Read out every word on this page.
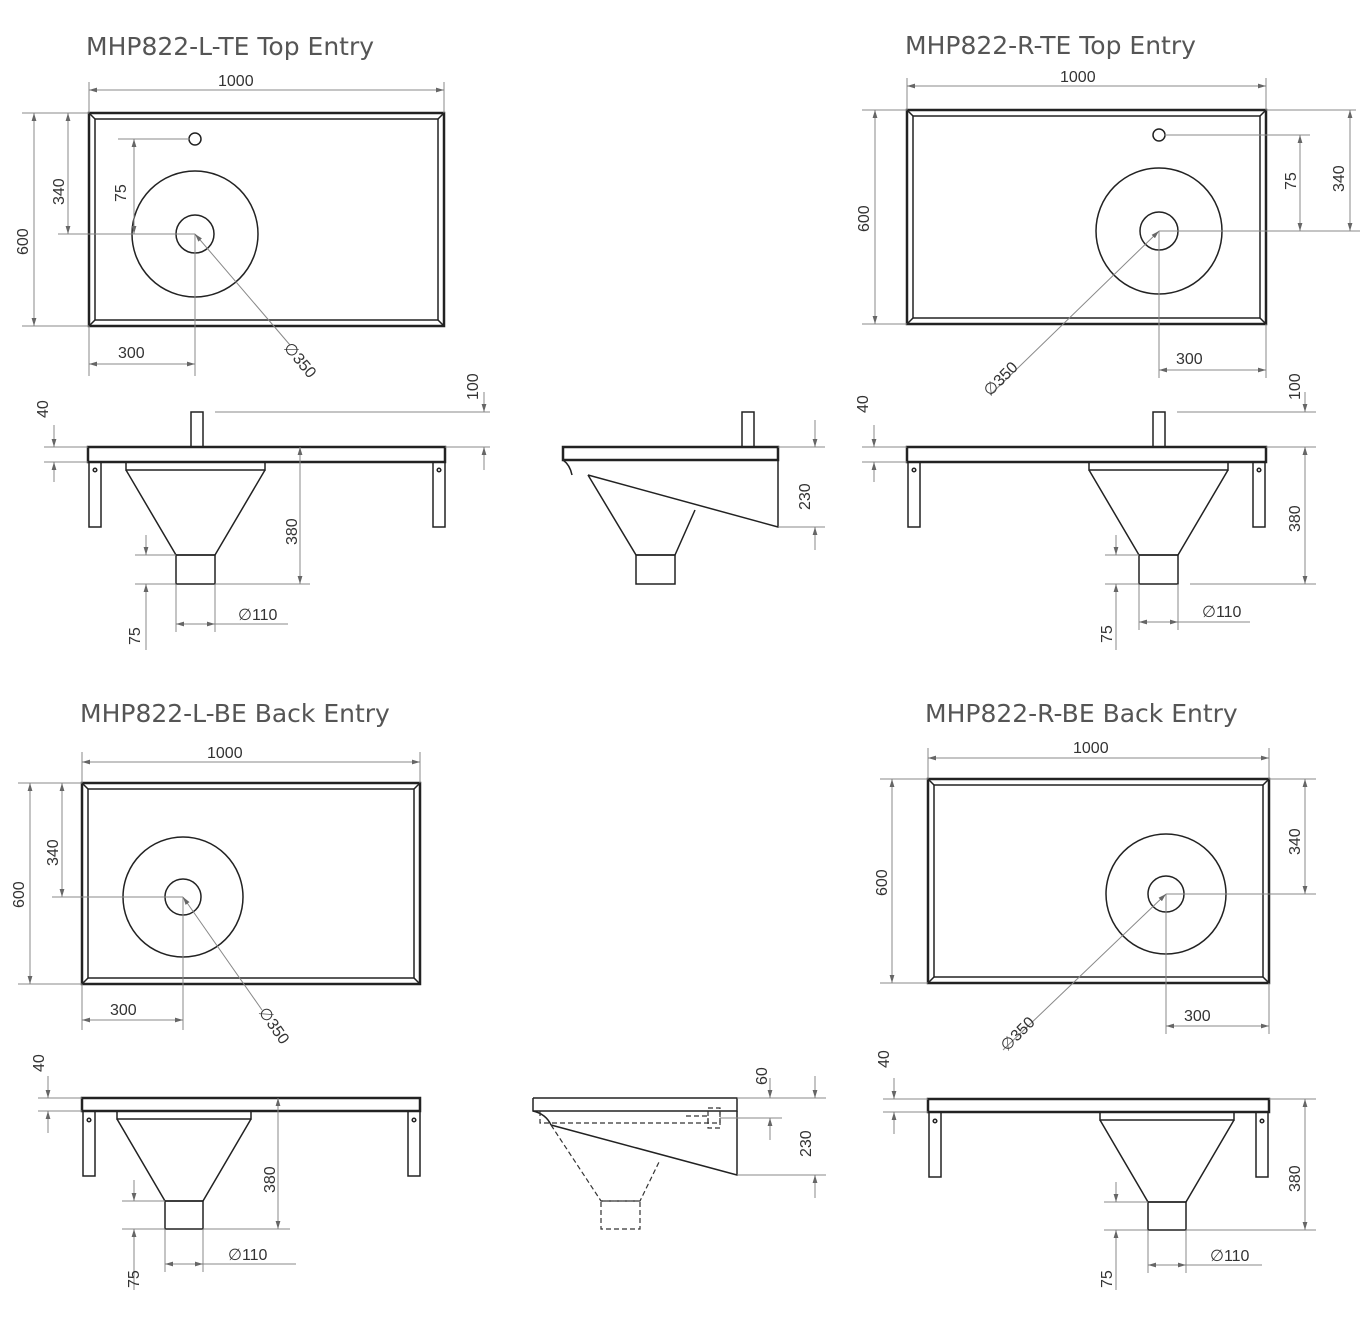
MHP822-L-TE Top Entry	MHP822-R-TE Top Entry
MHP822-L-BE Back Entry	MHP822-R-BE Back Entry
1000
600
340	75
300	∅350
40
100
380
75
∅110
230
1000
600
340
75
300
∅350
40
100
380
75
∅110
1000
600
340
300	∅350
40
380
75
∅110
60
230
1000
600
340
300
∅350
40
380
75
∅110
